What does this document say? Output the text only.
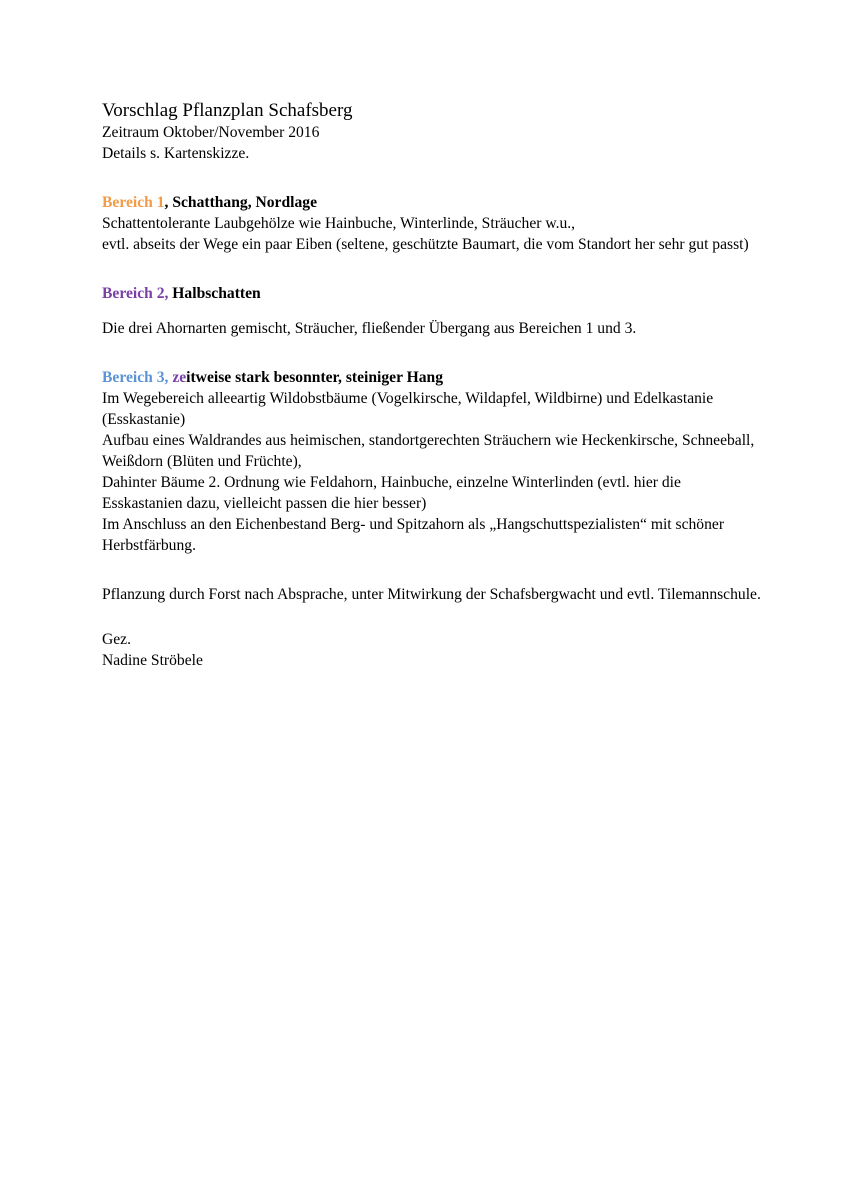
Vorschlag Pflanzplan Schafsberg

Zeitraum Oktober/November 2016
Details s. Kartenskizze.

Bereich 1, Schatthang, Nordlage

Schattentolerante Laubgehölze wie Hainbuche, Winterlinde, Sträucher w.u.,
evtl. abseits der Wege ein paar Eiben (seltene, geschützte Baumart, die vom Standort her sehr gut passt)

Bereich 2, Halbschatten

Die drei Ahornarten gemischt, Sträucher, fließender Übergang aus Bereichen 1 und 3.

Bereich 3, zeitweise stark besonnter, steiniger Hang

Im Wegebereich alleeartig Wildobstbäume (Vogelkirsche, Wildapfel, Wildbirne) und Edelkastanie (Esskastanie)
Aufbau eines Waldrandes aus heimischen, standortgerechten Sträuchern wie Heckenkirsche, Schneeball, Weißdorn (Blüten und Früchte),
Dahinter Bäume 2. Ordnung wie Feldahorn, Hainbuche, einzelne Winterlinden (evtl. hier die Esskastanien dazu, vielleicht passen die hier besser)
Im Anschluss an den Eichenbestand Berg- und Spitzahorn als „Hangschuttspezialisten“ mit schöner Herbstfärbung.
Pflanzung durch Forst nach Absprache, unter Mitwirkung der Schafsbergwacht und evtl. Tilemannschule.
Gez.
Nadine Ströbele
